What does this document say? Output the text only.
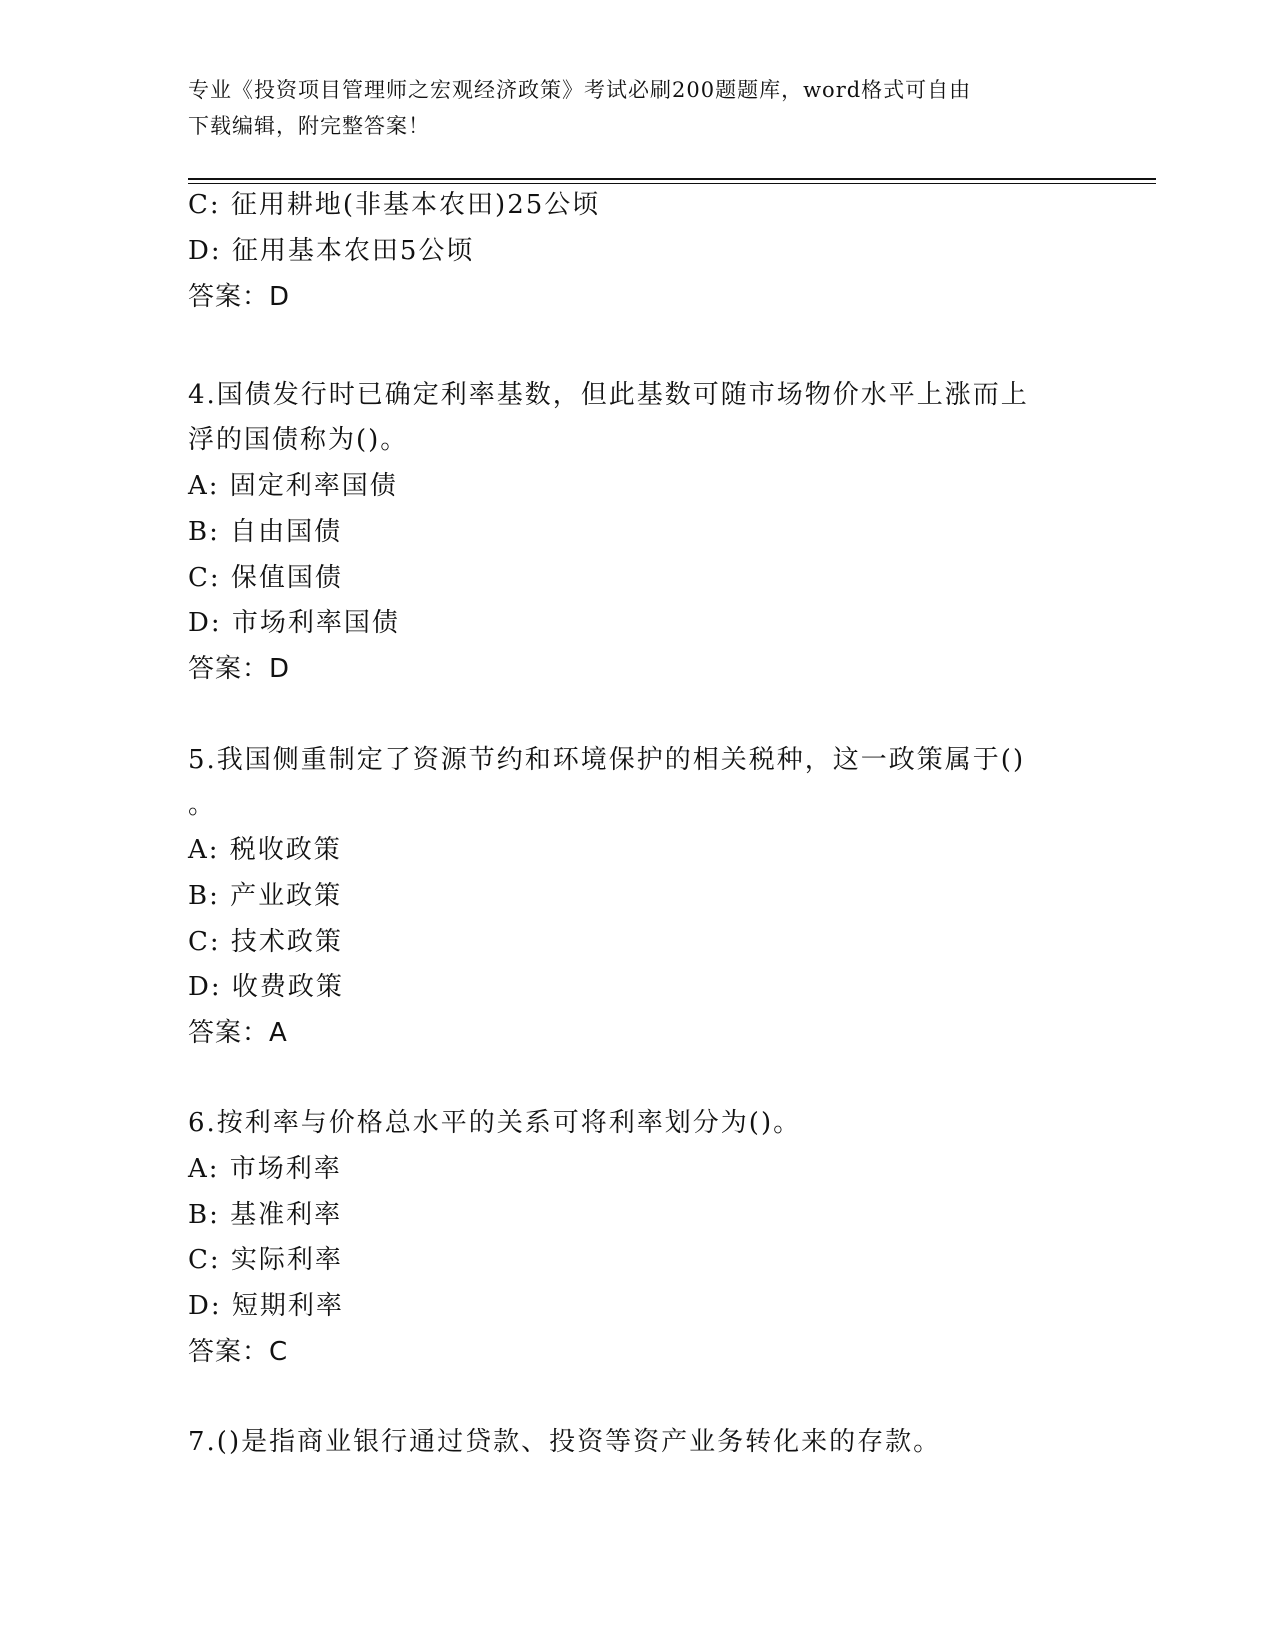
专业《投资项目管理师之宏观经济政策》考试必刷200题题库，word格式可自由
下载编辑，附完整答案！
C: 征用耕地(非基本农田)25公顷
D: 征用基本农田5公顷
答案：D
4.国债发行时已确定利率基数，但此基数可随市场物价水平上涨而上
浮的国债称为()。
A: 固定利率国债
B: 自由国债
C: 保值国债
D: 市场利率国债
答案：D
5.我国侧重制定了资源节约和环境保护的相关税种，这一政策属于()
。
A: 税收政策
B: 产业政策
C: 技术政策
D: 收费政策
答案：A
6.按利率与价格总水平的关系可将利率划分为()。
A: 市场利率
B: 基准利率
C: 实际利率
D: 短期利率
答案：C
7.()是指商业银行通过贷款、投资等资产业务转化来的存款。
